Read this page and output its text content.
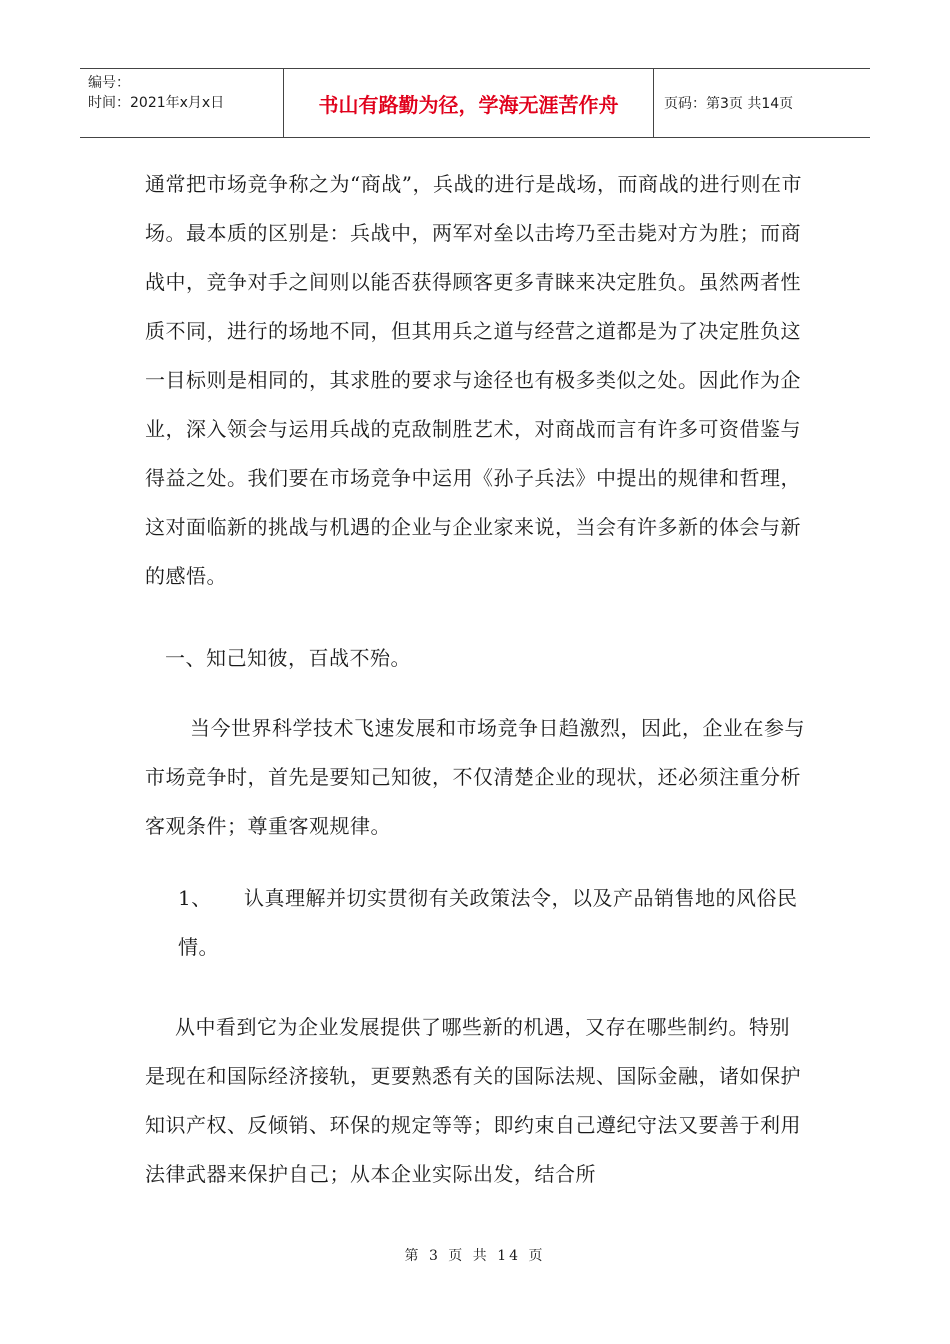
编号：
时间：2021年x月x日	书山有路勤为径，学海无涯苦作舟	页码：第3页 共14页
通常把市场竞争称之为“商战”，兵战的进行是战场，而商战的进行则在市场。最本质的区别是：兵战中，两军对垒以击垮乃至击毙对方为胜；而商战中，竞争对手之间则以能否获得顾客更多青睐来决定胜负。虽然两者性质不同，进行的场地不同，但其用兵之道与经营之道都是为了决定胜负这一目标则是相同的，其求胜的要求与途径也有极多类似之处。因此作为企业，深入领会与运用兵战的克敌制胜艺术，对商战而言有许多可资借鉴与得益之处。我们要在市场竞争中运用《孙子兵法》中提出的规律和哲理，这对面临新的挑战与机遇的企业与企业家来说，当会有许多新的体会与新的感悟。
一、知己知彼，百战不殆。
当今世界科学技术飞速发展和市场竞争日趋激烈，因此，企业在参与市场竞争时，首先是要知己知彼，不仅清楚企业的现状，还必须注重分析客观条件；尊重客观规律。
1、 认真理解并切实贯彻有关政策法令，以及产品销售地的风俗民情。
从中看到它为企业发展提供了哪些新的机遇，又存在哪些制约。特别是现在和国际经济接轨，更要熟悉有关的国际法规、国际金融，诸如保护知识产权、反倾销、环保的规定等等；即约束自己遵纪守法又要善于利用法律武器来保护自己；从本企业实际出发，结合所
第 3 页 共 14 页
